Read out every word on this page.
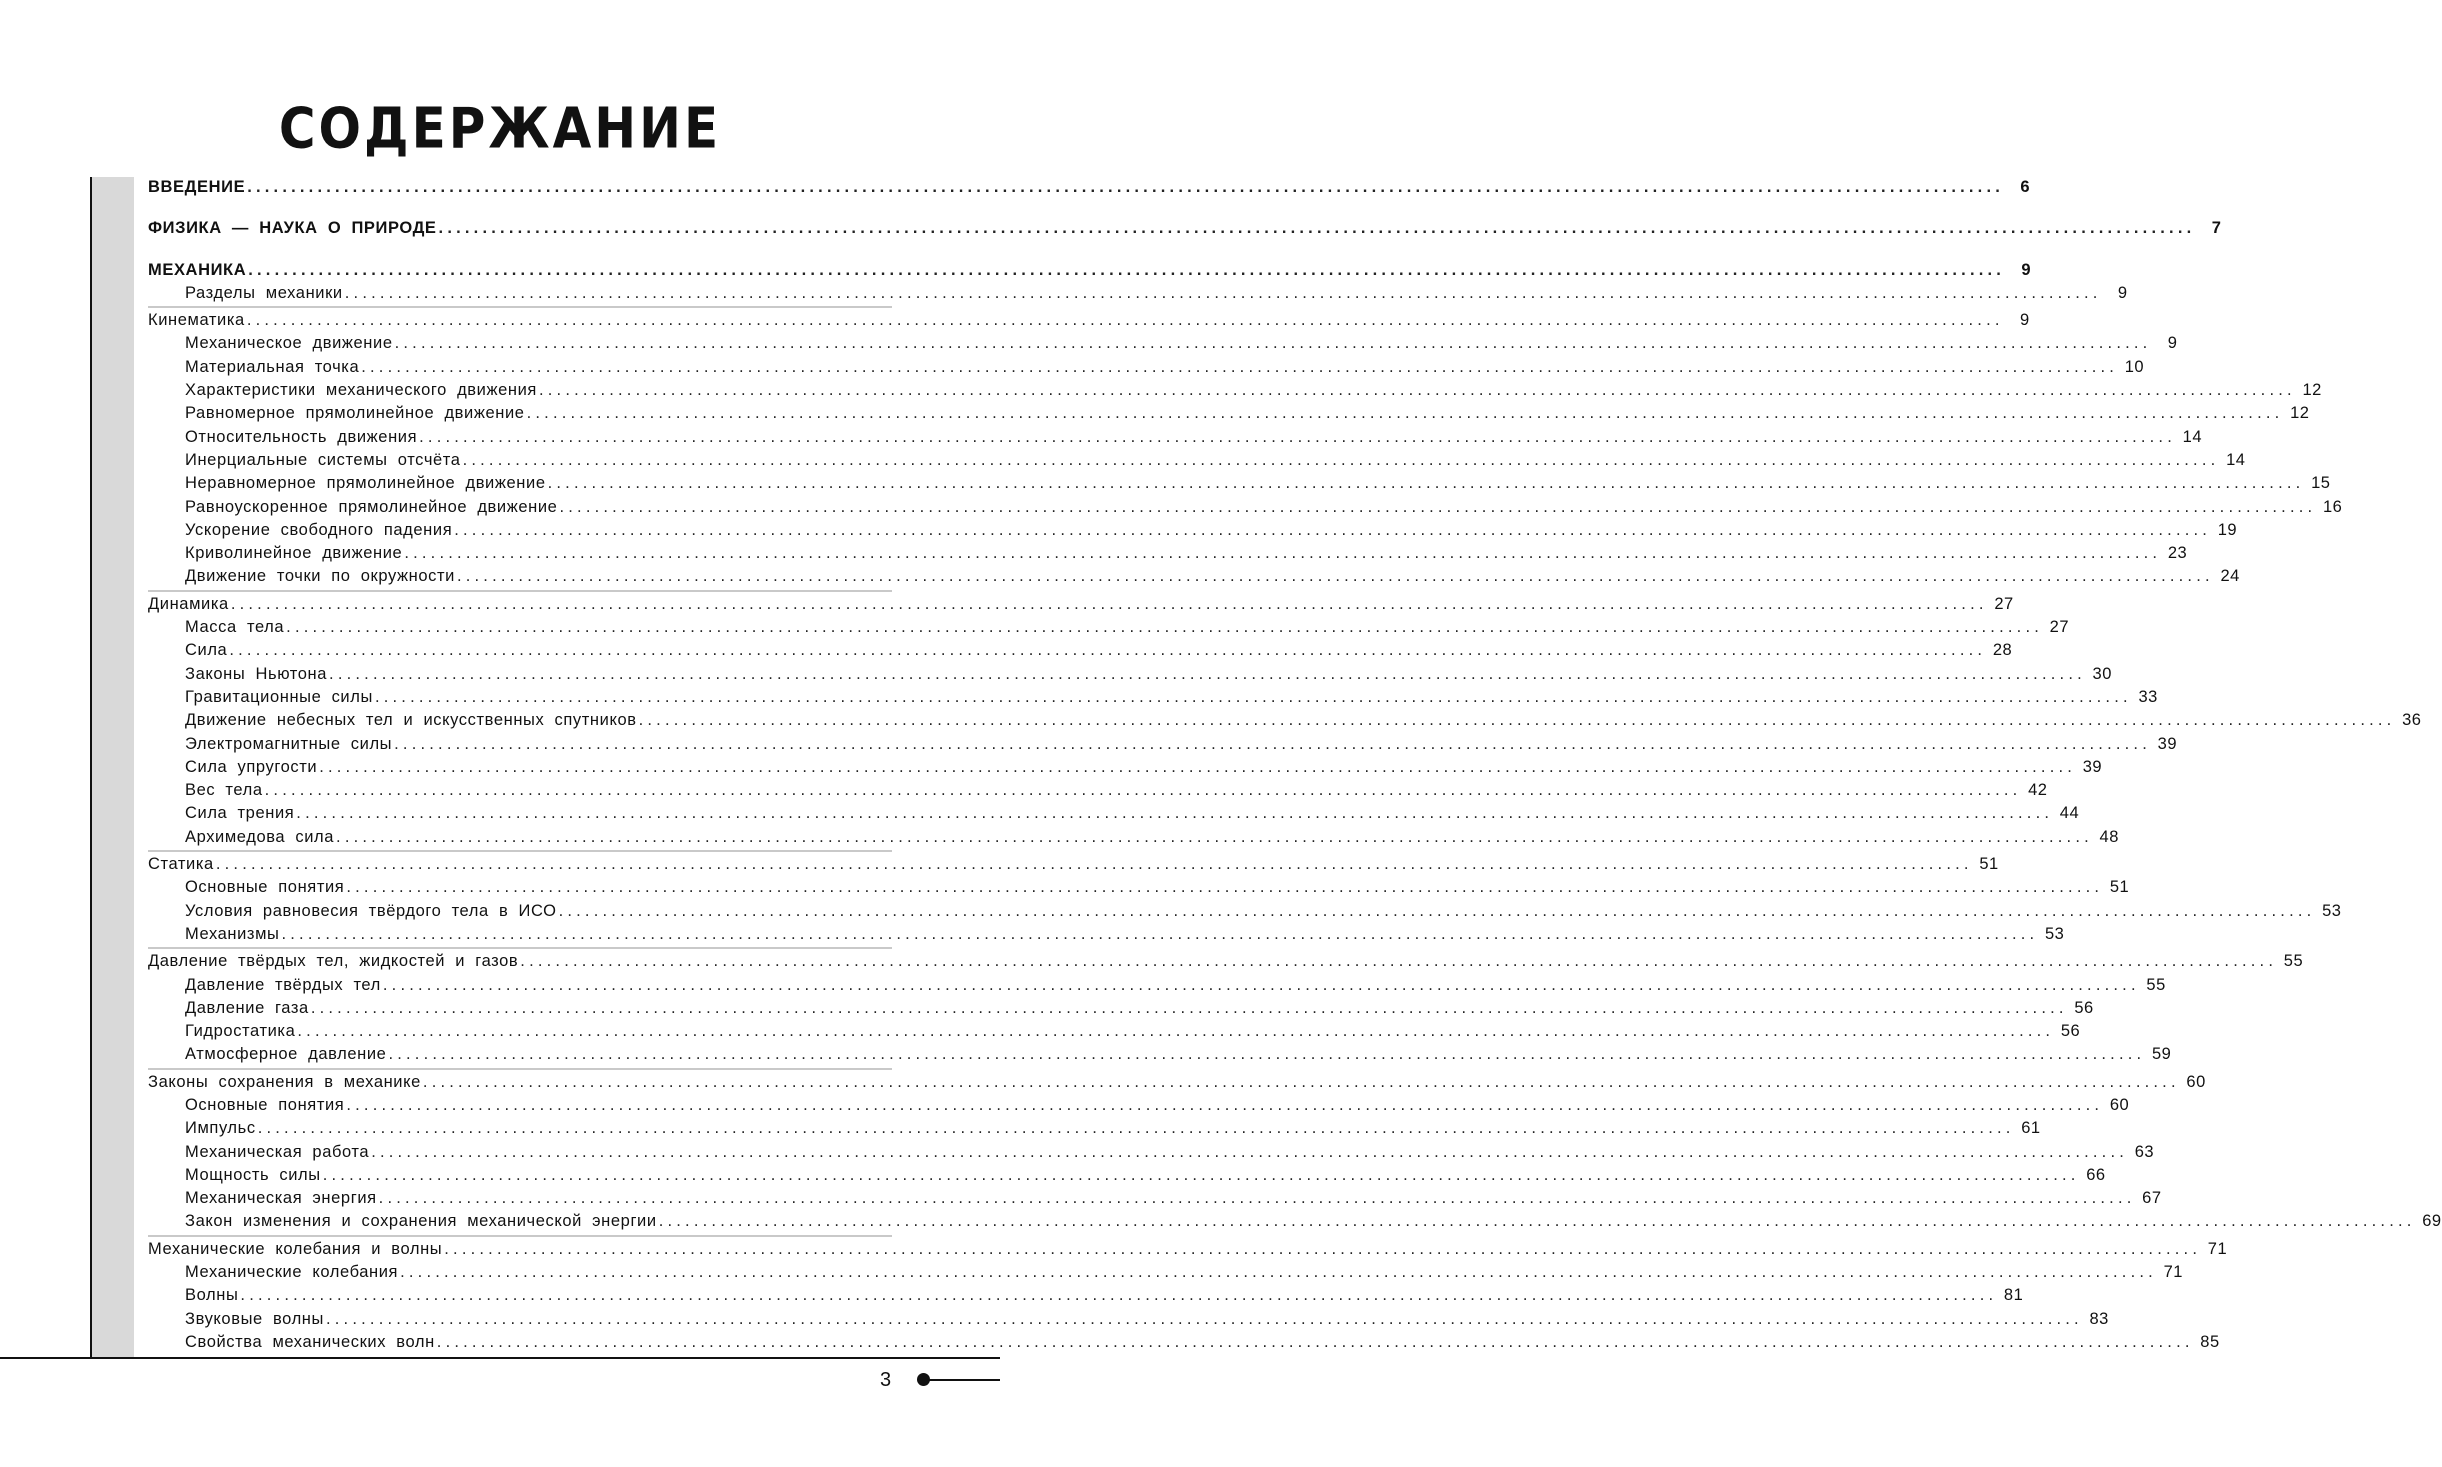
СОДЕРЖАНИЕ
ВВЕДЕНИЕ ........................................................................................................................................................................................................ 6
ФИЗИКА — НАУКА О ПРИРОДЕ ........................................................................................................................................................................................................ 7
МЕХАНИКА ........................................................................................................................................................................................................ 9
Разделы механики ........................................................................................................................................................................................................ 9
Кинематика ........................................................................................................................................................................................................ 9
Механическое движение ........................................................................................................................................................................................................ 9
Материальная точка ........................................................................................................................................................................................................ 10
Характеристики механического движения ........................................................................................................................................................................................................ 12
Равномерное прямолинейное движение ........................................................................................................................................................................................................ 12
Относительность движения ........................................................................................................................................................................................................ 14
Инерциальные системы отсчёта ........................................................................................................................................................................................................ 14
Неравномерное прямолинейное движение ........................................................................................................................................................................................................ 15
Равноускоренное прямолинейное движение ........................................................................................................................................................................................................ 16
Ускорение свободного падения ........................................................................................................................................................................................................ 19
Криволинейное движение ........................................................................................................................................................................................................ 23
Движение точки по окружности ........................................................................................................................................................................................................ 24
Динамика ........................................................................................................................................................................................................ 27
Масса тела ........................................................................................................................................................................................................ 27
Сила ........................................................................................................................................................................................................ 28
Законы Ньютона ........................................................................................................................................................................................................ 30
Гравитационные силы ........................................................................................................................................................................................................ 33
Движение небесных тел и искусственных спутников ........................................................................................................................................................................................................ 36
Электромагнитные силы ........................................................................................................................................................................................................ 39
Сила упругости ........................................................................................................................................................................................................ 39
Вес тела ........................................................................................................................................................................................................ 42
Сила трения ........................................................................................................................................................................................................ 44
Архимедова сила ........................................................................................................................................................................................................ 48
Статика ........................................................................................................................................................................................................ 51
Основные понятия ........................................................................................................................................................................................................ 51
Условия равновесия твёрдого тела в ИСО ........................................................................................................................................................................................................ 53
Механизмы ........................................................................................................................................................................................................ 53
Давление твёрдых тел, жидкостей и газов ........................................................................................................................................................................................................ 55
Давление твёрдых тел ........................................................................................................................................................................................................ 55
Давление газа ........................................................................................................................................................................................................ 56
Гидростатика ........................................................................................................................................................................................................ 56
Атмосферное давление ........................................................................................................................................................................................................ 59
Законы сохранения в механике ........................................................................................................................................................................................................ 60
Основные понятия ........................................................................................................................................................................................................ 60
Импульс ........................................................................................................................................................................................................ 61
Механическая работа ........................................................................................................................................................................................................ 63
Мощность силы ........................................................................................................................................................................................................ 66
Механическая энергия ........................................................................................................................................................................................................ 67
Закон изменения и сохранения механической энергии ........................................................................................................................................................................................................ 69
Механические колебания и волны ........................................................................................................................................................................................................ 71
Механические колебания ........................................................................................................................................................................................................ 71
Волны ........................................................................................................................................................................................................ 81
Звуковые волны ........................................................................................................................................................................................................ 83
Свойства механических волн ........................................................................................................................................................................................................ 85
3
